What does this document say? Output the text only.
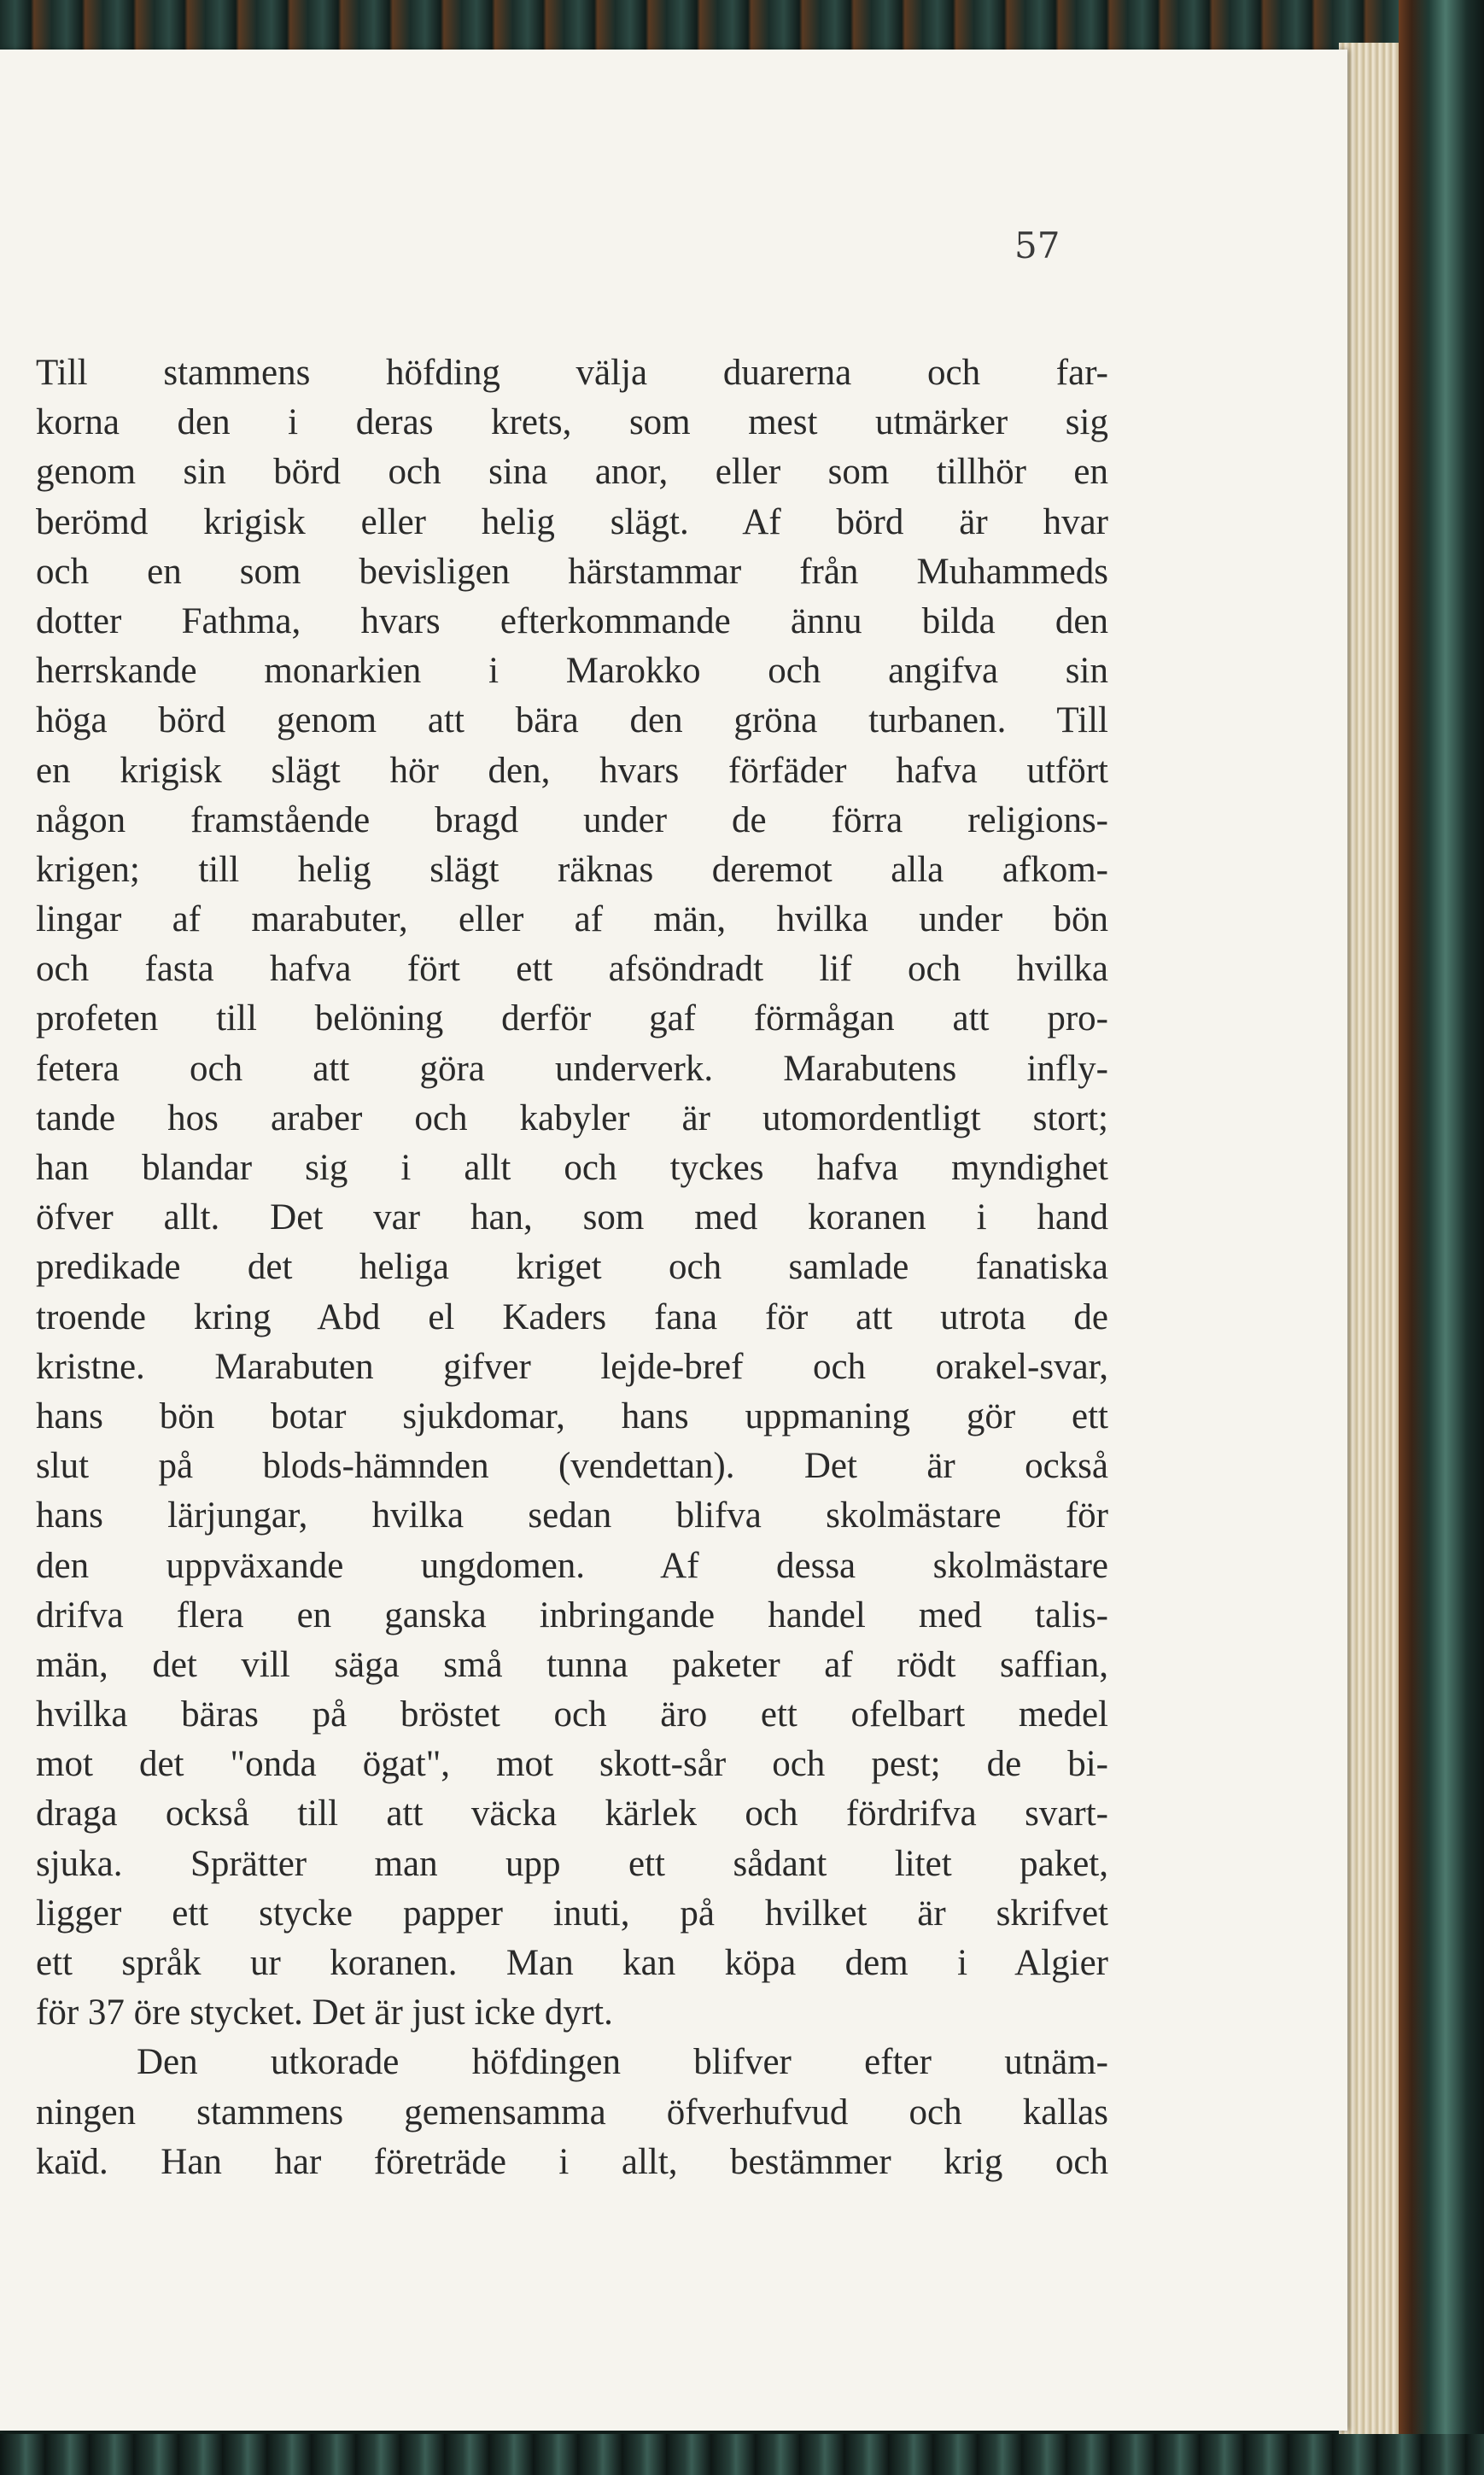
57
Till stammens höfding välja duarerna och far-
korna den i deras krets, som mest utmärker sig
genom sin börd och sina anor, eller som tillhör en
berömd krigisk eller helig slägt. Af börd är hvar
och en som bevisligen härstammar från Muhammeds
dotter Fathma, hvars efterkommande ännu bilda den
herrskande monarkien i Marokko och angifva sin
höga börd genom att bära den gröna turbanen. Till
en krigisk slägt hör den, hvars förfäder hafva utfört
någon framstående bragd under de förra religions-
krigen; till helig slägt räknas deremot alla afkom-
lingar af marabuter, eller af män, hvilka under bön
och fasta hafva fört ett afsöndradt lif och hvilka
profeten till belöning derför gaf förmågan att pro-
fetera och att göra underverk. Marabutens infly-
tande hos araber och kabyler är utomordentligt stort;
han blandar sig i allt och tyckes hafva myndighet
öfver allt. Det var han, som med koranen i hand
predikade det heliga kriget och samlade fanatiska
troende kring Abd el Kaders fana för att utrota de
kristne. Marabuten gifver lejde-bref och orakel-svar,
hans bön botar sjukdomar, hans uppmaning gör ett
slut på blods-hämnden (vendettan). Det är också
hans lärjungar, hvilka sedan blifva skolmästare för
den uppväxande ungdomen. Af dessa skolmästare
drifva flera en ganska inbringande handel med talis-
män, det vill säga små tunna paketer af rödt saffian,
hvilka bäras på bröstet och äro ett ofelbart medel
mot det "onda ögat", mot skott-sår och pest; de bi-
draga också till att väcka kärlek och fördrifva svart-
sjuka. Sprätter man upp ett sådant litet paket,
ligger ett stycke papper inuti, på hvilket är skrifvet
ett språk ur koranen. Man kan köpa dem i Algier
för 37 öre stycket. Det är just icke dyrt.
Den utkorade höfdingen blifver efter utnäm-
ningen stammens gemensamma öfverhufvud och kallas
kaïd. Han har företräde i allt, bestämmer krig och
